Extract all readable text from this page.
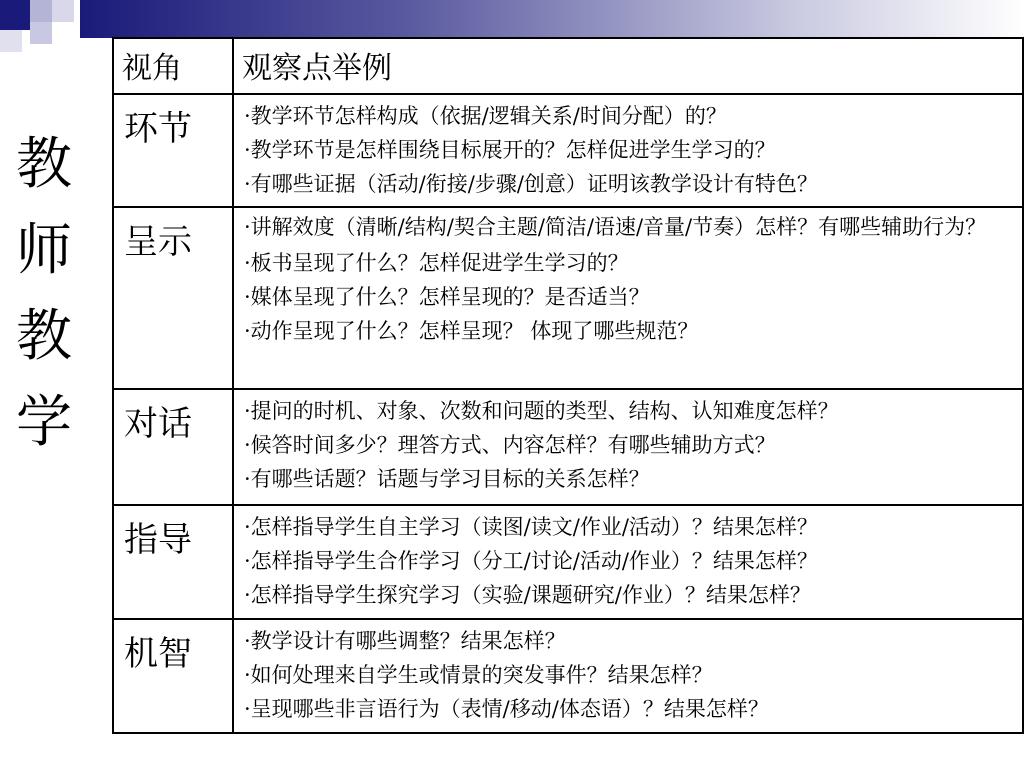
教
师
教
学
视角	观察点举例
环节	·教学环节怎样构成（依据/逻辑关系/时间分配）的？
·教学环节是怎样围绕目标展开的？怎样促进学生学习的？
·有哪些证据（活动/衔接/步骤/创意）证明该教学设计有特色？

呈示	·讲解效度（清晰/结构/契合主题/简洁/语速/音量/节奏）怎样？有哪些辅助行为？
·板书呈现了什么？怎样促进学生学习的？
·媒体呈现了什么？怎样呈现的？是否适当？
·动作呈现了什么？怎样呈现？ 体现了哪些规范？

对话	·提问的时机、对象、次数和问题的类型、结构、认知难度怎样？
·候答时间多少？理答方式、内容怎样？有哪些辅助方式？
·有哪些话题？话题与学习目标的关系怎样？

指导	·怎样指导学生自主学习（读图/读文/作业/活动）？结果怎样？
·怎样指导学生合作学习（分工/讨论/活动/作业）？结果怎样？
·怎样指导学生探究学习（实验/课题研究/作业）？结果怎样？

机智	·教学设计有哪些调整？结果怎样？
·如何处理来自学生或情景的突发事件？结果怎样？
·呈现哪些非言语行为（表情/移动/体态语）？结果怎样？
